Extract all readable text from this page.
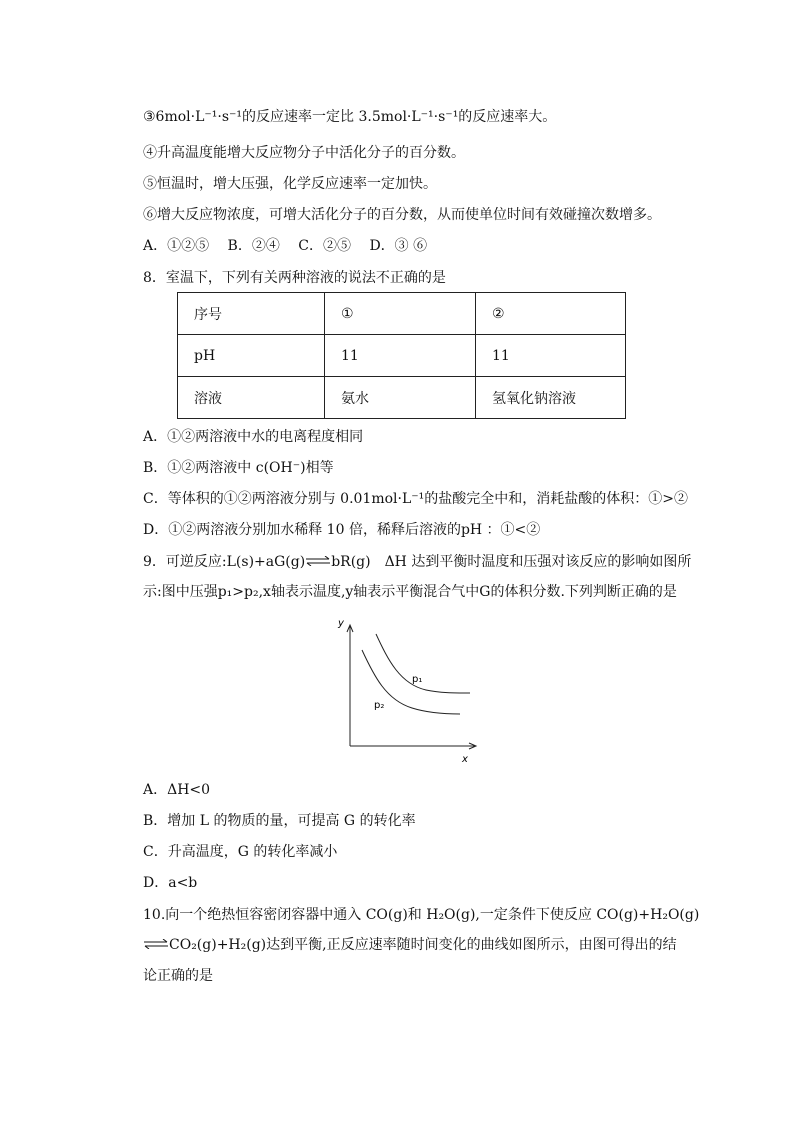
③6mol·L⁻¹·s⁻¹的反应速率一定比 3.5mol·L⁻¹·s⁻¹的反应速率大。
④升高温度能增大反应物分子中活化分子的百分数。
⑤恒温时，增大压强，化学反应速率一定加快。
⑥增大反应物浓度，可增大活化分子的百分数，从而使单位时间有效碰撞次数增多。
A．①②⑤　 B．②④　 C．②⑤　 D．③ ⑥
8．室温下，下列有关两种溶液的说法不正确的是
序号	①	②
pH	11	11
溶液	氨水	氢氧化钠溶液
A．①②两溶液中水的电离程度相同
B．①②两溶液中 c(OH⁻)相等
C．等体积的①②两溶液分别与 0.01mol·L⁻¹的盐酸完全中和，消耗盐酸的体积：①>②
D．①②两溶液分别加水稀释 10 倍，稀释后溶液的pH ：①<②
9．可逆反应:L(s)+aG(g)⇌bR(g)　ΔH 达到平衡时温度和压强对该反应的影响如图所
示:图中压强p₁>p₂,x轴表示温度,y轴表示平衡混合气中G的体积分数.下列判断正确的是
y
x
p₁
p₂
A．ΔH<0
B．增加 L 的物质的量，可提高 G 的转化率
C．升高温度，G 的转化率减小
D．a<b
10.向一个绝热恒容密闭容器中通入 CO(g)和 H₂O(g),一定条件下使反应 CO(g)+H₂O(g)
⇌CO₂(g)+H₂(g)达到平衡,正反应速率随时间变化的曲线如图所示，由图可得出的结
论正确的是
